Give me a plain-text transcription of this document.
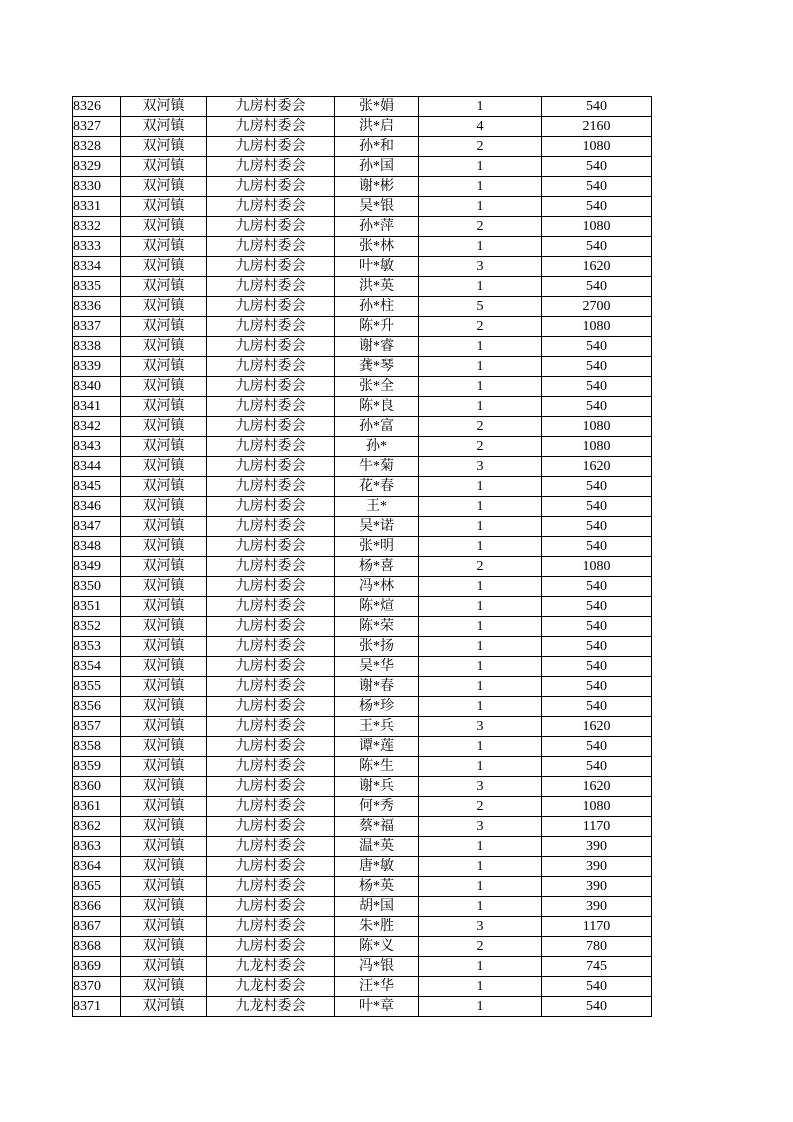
8326	双河镇	九房村委会	张*娟	1	540
8327	双河镇	九房村委会	洪*启	4	2160
8328	双河镇	九房村委会	孙*和	2	1080
8329	双河镇	九房村委会	孙*国	1	540
8330	双河镇	九房村委会	谢*彬	1	540
8331	双河镇	九房村委会	吴*银	1	540
8332	双河镇	九房村委会	孙*萍	2	1080
8333	双河镇	九房村委会	张*林	1	540
8334	双河镇	九房村委会	叶*敏	3	1620
8335	双河镇	九房村委会	洪*英	1	540
8336	双河镇	九房村委会	孙*柱	5	2700
8337	双河镇	九房村委会	陈*升	2	1080
8338	双河镇	九房村委会	谢*睿	1	540
8339	双河镇	九房村委会	龚*琴	1	540
8340	双河镇	九房村委会	张*全	1	540
8341	双河镇	九房村委会	陈*良	1	540
8342	双河镇	九房村委会	孙*富	2	1080
8343	双河镇	九房村委会	孙*	2	1080
8344	双河镇	九房村委会	牛*菊	3	1620
8345	双河镇	九房村委会	花*春	1	540
8346	双河镇	九房村委会	王*	1	540
8347	双河镇	九房村委会	吴*诺	1	540
8348	双河镇	九房村委会	张*明	1	540
8349	双河镇	九房村委会	杨*喜	2	1080
8350	双河镇	九房村委会	冯*林	1	540
8351	双河镇	九房村委会	陈*煊	1	540
8352	双河镇	九房村委会	陈*荣	1	540
8353	双河镇	九房村委会	张*扬	1	540
8354	双河镇	九房村委会	吴*华	1	540
8355	双河镇	九房村委会	谢*春	1	540
8356	双河镇	九房村委会	杨*珍	1	540
8357	双河镇	九房村委会	王*兵	3	1620
8358	双河镇	九房村委会	谭*莲	1	540
8359	双河镇	九房村委会	陈*生	1	540
8360	双河镇	九房村委会	谢*兵	3	1620
8361	双河镇	九房村委会	何*秀	2	1080
8362	双河镇	九房村委会	蔡*福	3	1170
8363	双河镇	九房村委会	温*英	1	390
8364	双河镇	九房村委会	唐*敏	1	390
8365	双河镇	九房村委会	杨*英	1	390
8366	双河镇	九房村委会	胡*国	1	390
8367	双河镇	九房村委会	朱*胜	3	1170
8368	双河镇	九房村委会	陈*义	2	780
8369	双河镇	九龙村委会	冯*银	1	745
8370	双河镇	九龙村委会	汪*华	1	540
8371	双河镇	九龙村委会	叶*章	1	540
